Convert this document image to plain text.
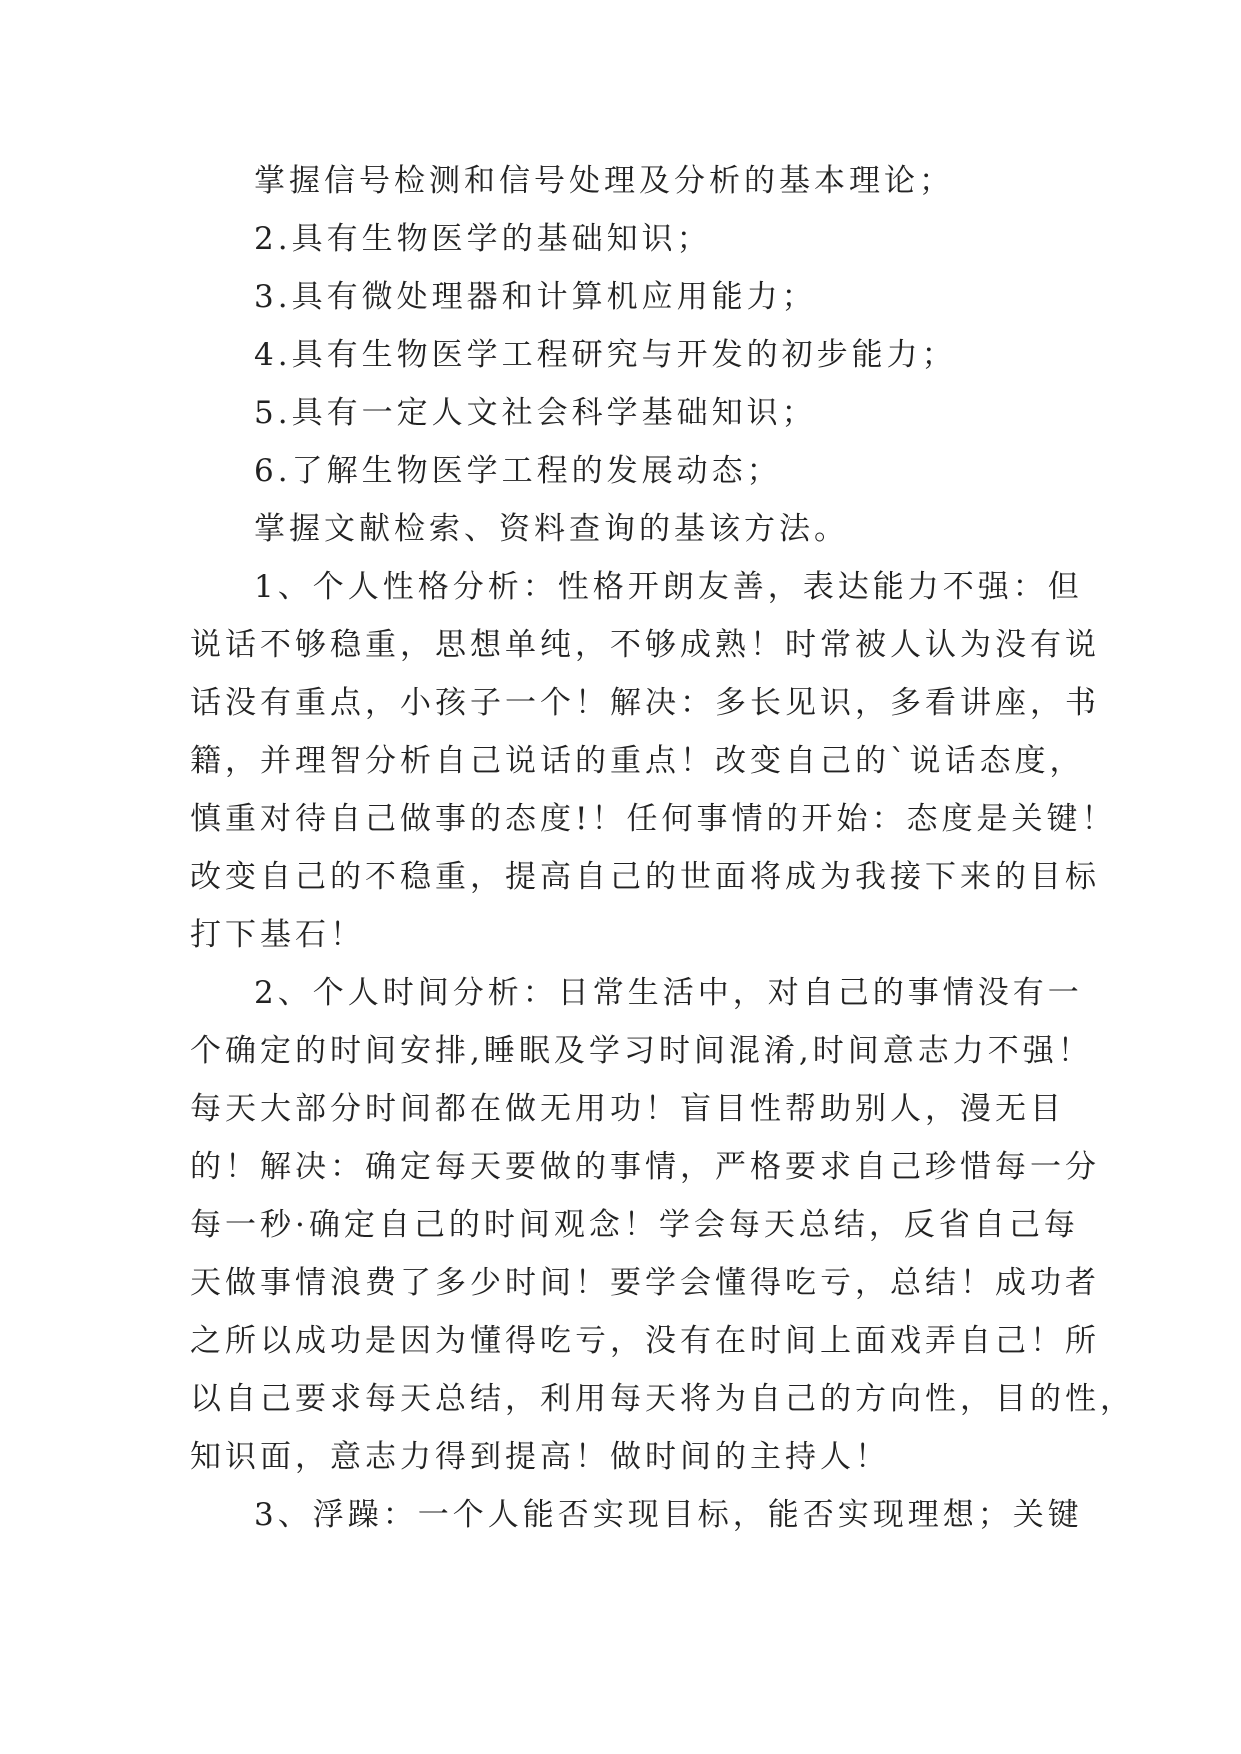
掌握信号检测和信号处理及分析的基本理论；

2.具有生物医学的基础知识；

3.具有微处理器和计算机应用能力；

4.具有生物医学工程研究与开发的初步能力；

5.具有一定人文社会科学基础知识；

6.了解生物医学工程的发展动态；

掌握文献检索、资料查询的基该方法。

1、个人性格分析：性格开朗友善，表达能力不强：但

说话不够稳重，思想单纯，不够成熟！时常被人认为没有说

话没有重点，小孩子一个！解决：多长见识，多看讲座，书

籍，并理智分析自己说话的重点！改变自己的`说话态度，

慎重对待自己做事的态度!！任何事情的开始：态度是关键！

改变自己的不稳重，提高自己的世面将成为我接下来的目标

打下基石！

2、个人时间分析：日常生活中，对自己的事情没有一

个确定的时间安排,睡眠及学习时间混淆,时间意志力不强！

每天大部分时间都在做无用功！盲目性帮助别人，漫无目

的！解决：确定每天要做的事情，严格要求自己珍惜每一分

每一秒·确定自己的时间观念！学会每天总结，反省自己每

天做事情浪费了多少时间！要学会懂得吃亏，总结！成功者

之所以成功是因为懂得吃亏，没有在时间上面戏弄自己！所

以自己要求每天总结，利用每天将为自己的方向性，目的性，

知识面，意志力得到提高！做时间的主持人！

3、浮躁：一个人能否实现目标，能否实现理想；关键
